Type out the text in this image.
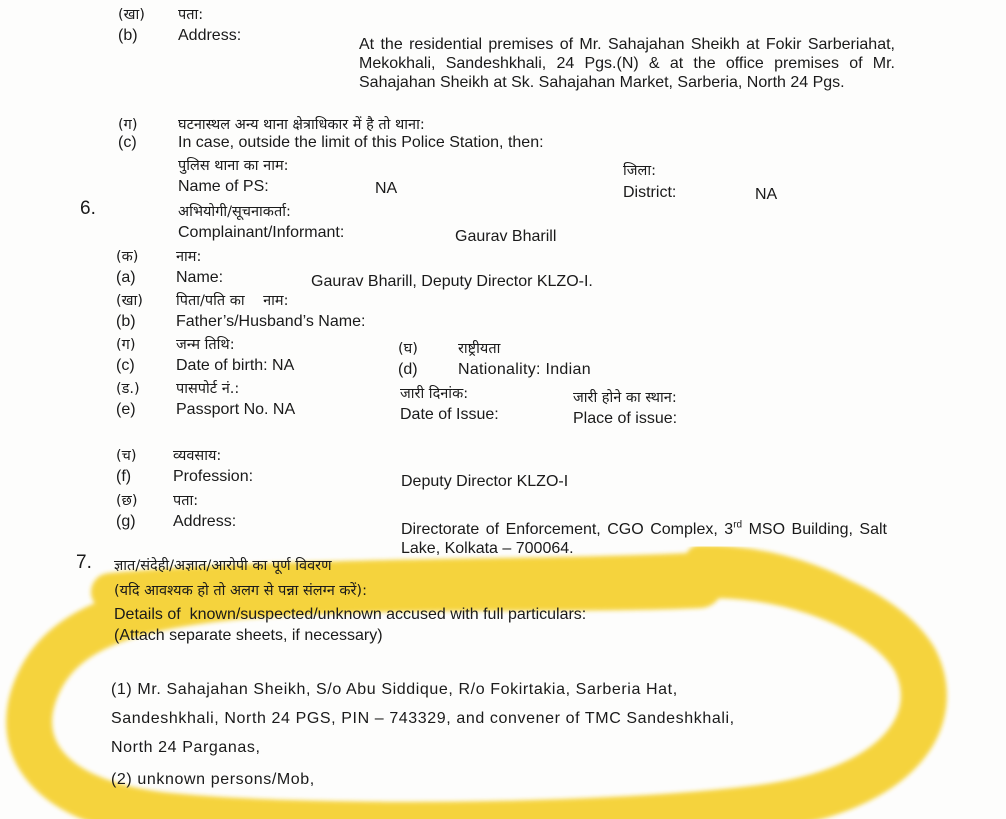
(खा) पता:
(b)	Address:
At the residential premises of Mr. Sahajahan Sheikh at Fokir Sarberiahat, Mekokhali, Sandeshkhali, 24 Pgs.(N) & at the office premises of Mr. Sahajahan Sheikh at Sk. Sahajahan Market, Sarberia, North 24 Pgs.
(ग)	घटनास्थल अन्य थाना क्षेत्राधिकार में है तो थाना:
(c)	In case, outside the limit of this Police Station, then:
पुलिस थाना का नाम:
Name of PS:	NA
जिला:
District:	NA
6.	अभियोगी/सूचनाकर्ता:
Complainant/Informant:	Gaurav Bharill
(क)	नाम:
(a)	Name:	Gaurav Bharill, Deputy Director KLZO-I.
(खा) पिता/पति का    नाम:
(b)	Father’s/Husband’s Name:
(ग)	जन्म तिथि:
(c)	Date of birth: NA
(घ)	राष्ट्रीयता
(d)	Nationality: Indian
(ड.)	पासपोर्ट नं.:
(e)	Passport No. NA
जारी दिनांक:
Date of Issue:
जारी होने का स्थान:
Place of issue:
(च)	व्यवसाय:
(f)	Profession:	Deputy Director KLZO-I
(छ) पता:
(g) Address:	Directorate of Enforcement, CGO Complex, 3rd MSO Building, Salt Lake, Kolkata – 700064.
7. ज्ञात/संदेही/अज्ञात/आरोपी का पूर्ण विवरण
(यदि आवश्यक हो तो अलग से पन्ना संलग्न करें):
Details of  known/suspected/unknown accused with full particulars:
(Attach separate sheets, if necessary)
(1) Mr. Sahajahan Sheikh, S/o Abu Siddique, R/o Fokirtakia, Sarberia Hat,
Sandeshkhali, North 24 PGS, PIN – 743329, and convener of TMC Sandeshkhali,
North 24 Parganas,
(2) unknown persons/Mob,
